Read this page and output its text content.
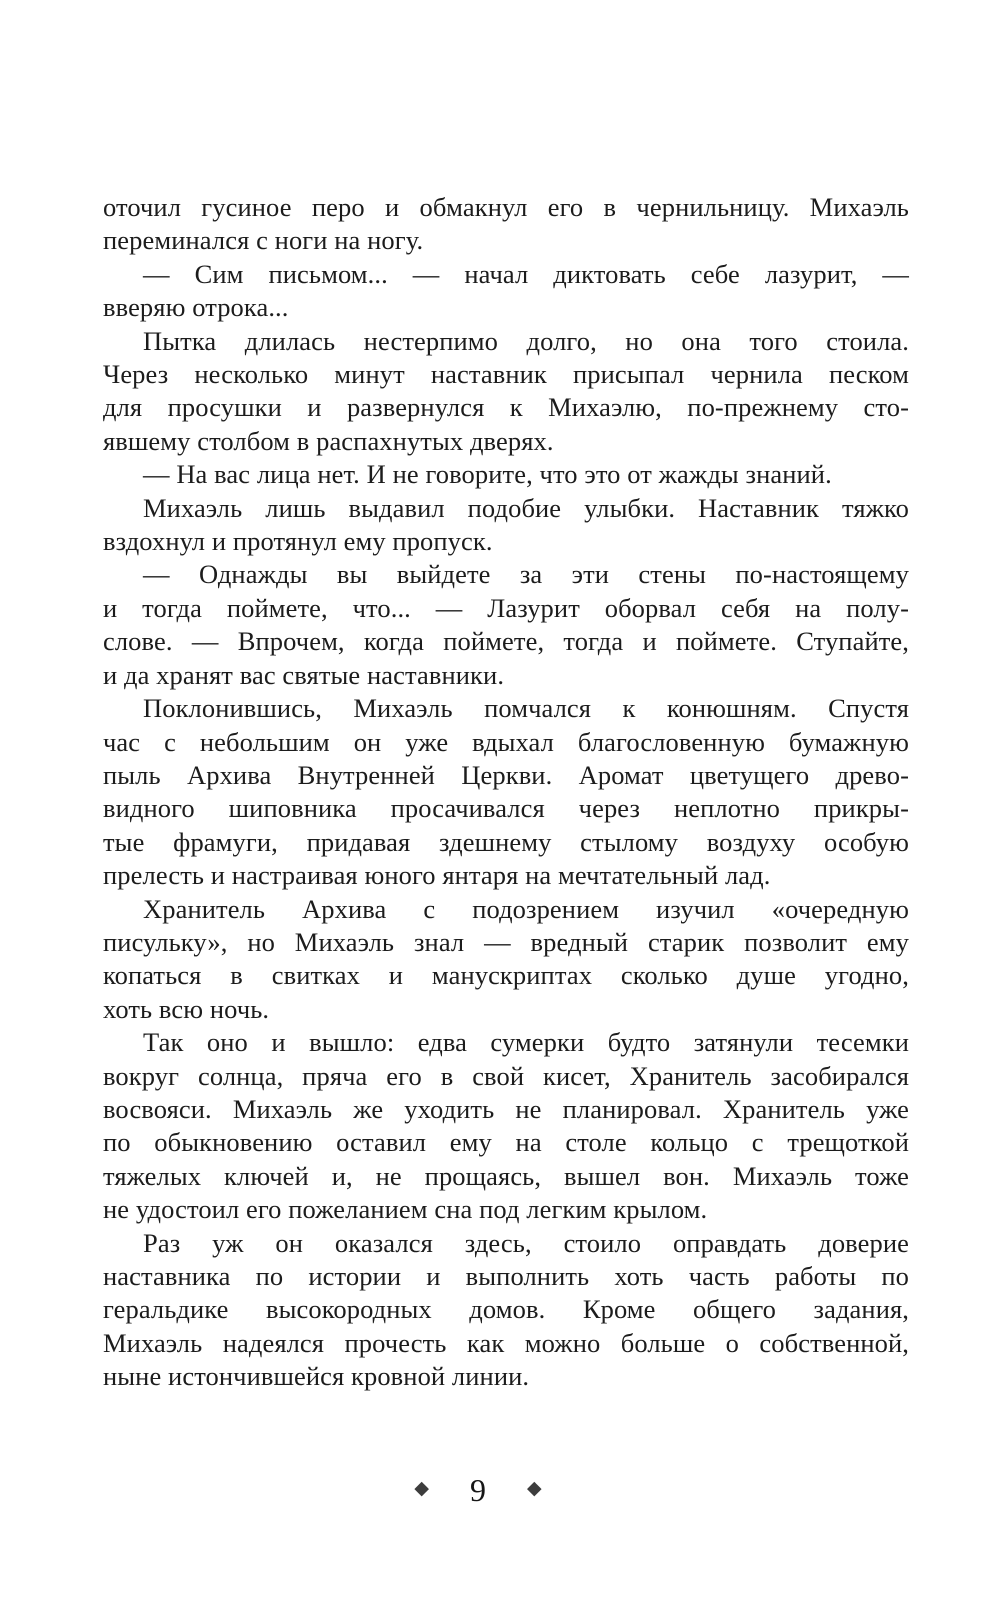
оточил гусиное перо и обмакнул его в чернильницу. Михаэль
переминался с ноги на ногу.
— Сим письмом... — начал диктовать себе лазурит, —
вверяю отрока...
Пытка длилась нестерпимо долго, но она того стоила.
Через несколько минут наставник присыпал чернила песком
для просушки и развернулся к Михаэлю, по-прежнему сто-
явшему столбом в распахнутых дверях.
— На вас лица нет. И не говорите, что это от жажды знаний.
Михаэль лишь выдавил подобие улыбки. Наставник тяжко
вздохнул и протянул ему пропуск.
— Однажды вы выйдете за эти стены по-настоящему
и тогда поймете, что... — Лазурит оборвал себя на полу-
слове. — Впрочем, когда поймете, тогда и поймете. Ступайте,
и да хранят вас святые наставники.
Поклонившись, Михаэль помчался к конюшням. Спустя
час с небольшим он уже вдыхал благословенную бумажную
пыль Архива Внутренней Церкви. Аромат цветущего древо-
видного шиповника просачивался через неплотно прикры-
тые фрамуги, придавая здешнему стылому воздуху особую
прелесть и настраивая юного янтаря на мечтательный лад.
Хранитель Архива с подозрением изучил «очередную
писульку», но Михаэль знал — вредный старик позволит ему
копаться в свитках и манускриптах сколько душе угодно,
хоть всю ночь.
Так оно и вышло: едва сумерки будто затянули тесемки
вокруг солнца, пряча его в свой кисет, Хранитель засобирался
восвояси. Михаэль же уходить не планировал. Хранитель уже
по обыкновению оставил ему на столе кольцо с трещоткой
тяжелых ключей и, не прощаясь, вышел вон. Михаэль тоже
не удостоил его пожеланием сна под легким крылом.
Раз уж он оказался здесь, стоило оправдать доверие
наставника по истории и выполнить хоть часть работы по
геральдике высокородных домов. Кроме общего задания,
Михаэль надеялся прочесть как можно больше о собственной,
ныне истончившейся кровной линии.
◆ 9 ◆
